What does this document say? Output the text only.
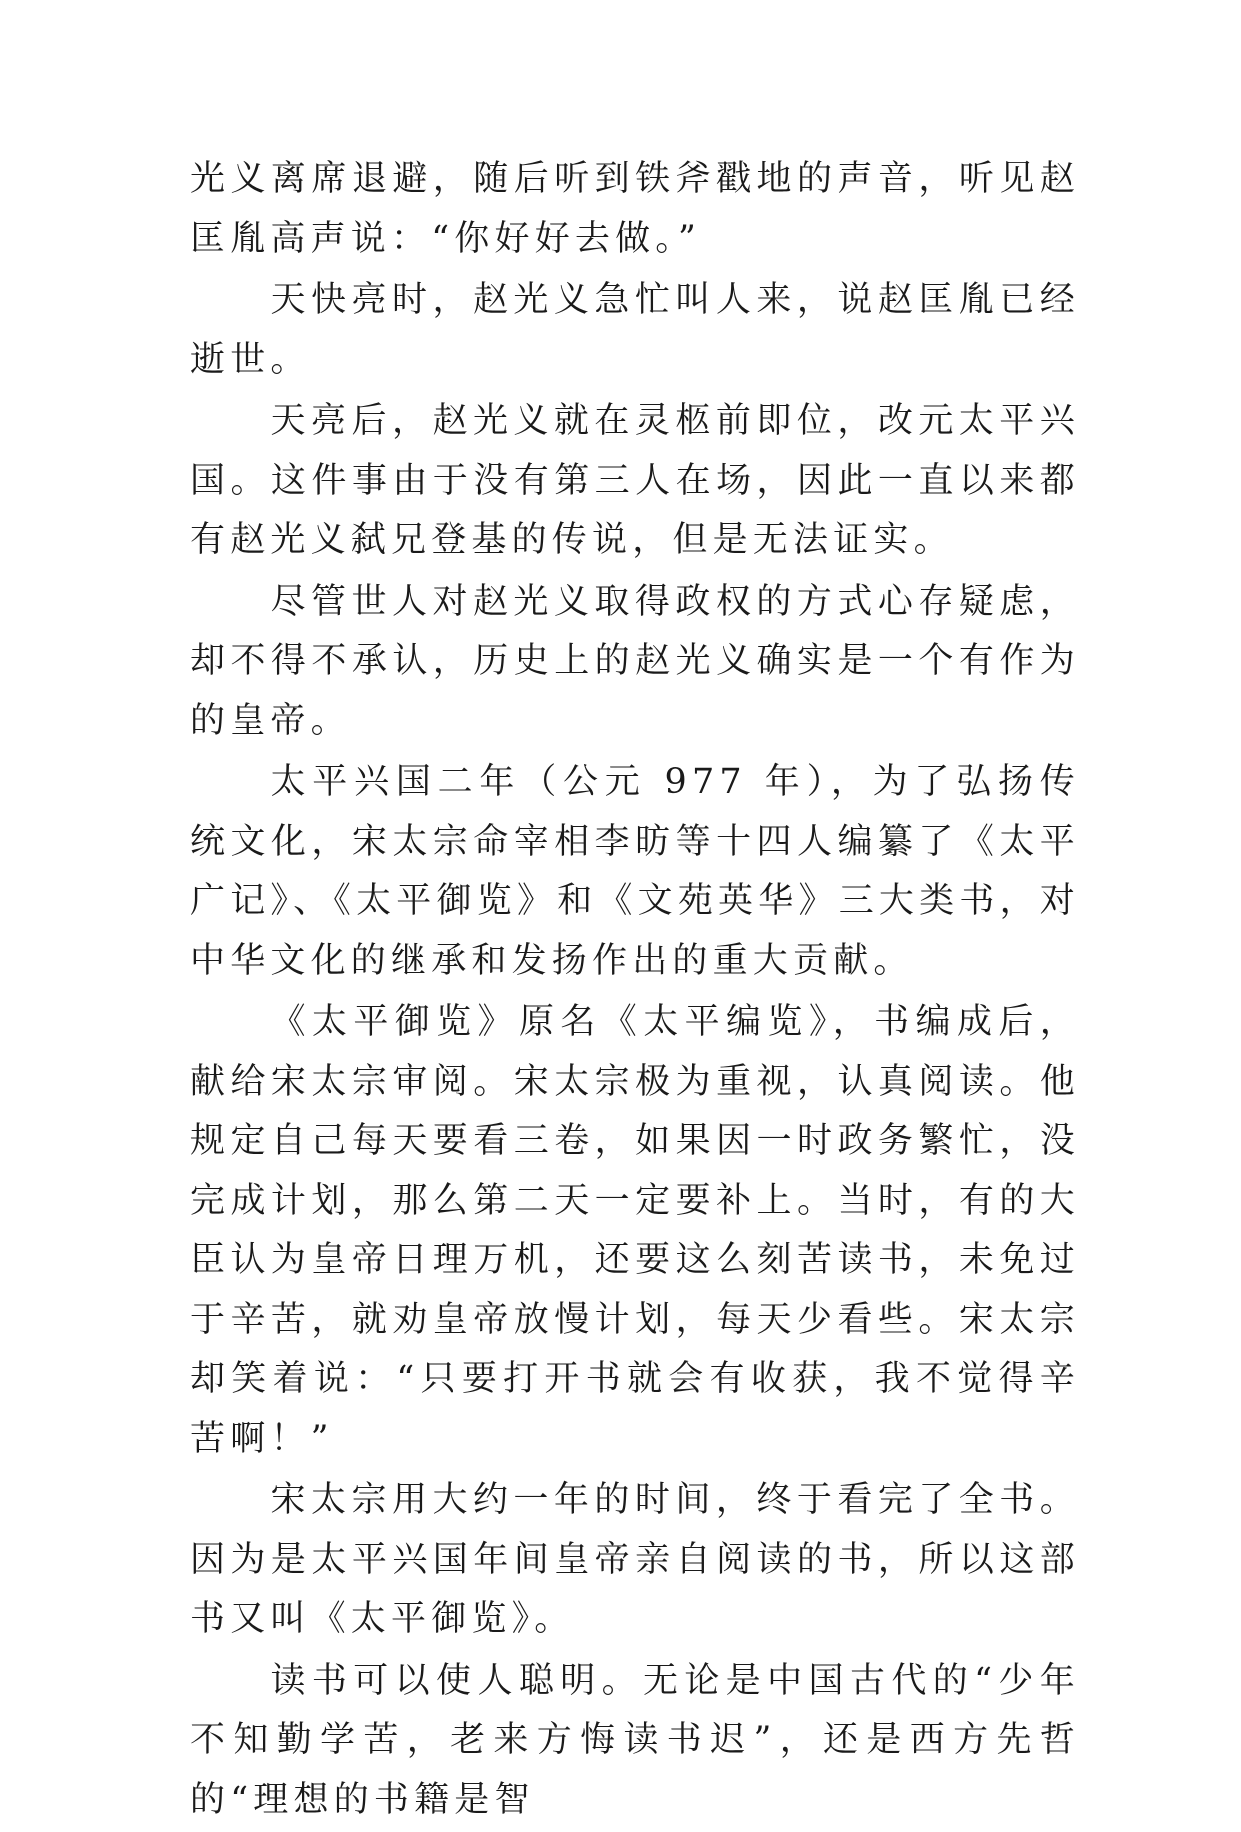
光义离席退避，随后听到铁斧戳地的声音，听见赵匡胤高声说：“你好好去做。”

天快亮时，赵光义急忙叫人来，说赵匡胤已经逝世。

天亮后，赵光义就在灵柩前即位，改元太平兴国。这件事由于没有第三人在场，因此一直以来都有赵光义弑兄登基的传说，但是无法证实。

尽管世人对赵光义取得政权的方式心存疑虑，却不得不承认，历史上的赵光义确实是一个有作为的皇帝。

太平兴国二年（公元 977 年），为了弘扬传统文化，宋太宗命宰相李昉等十四人编纂了《太平广记》、《太平御览》和《文苑英华》三大类书，对中华文化的继承和发扬作出的重大贡献。

《太平御览》原名《太平编览》，书编成后，献给宋太宗审阅。宋太宗极为重视，认真阅读。他规定自己每天要看三卷，如果因一时政务繁忙，没完成计划，那么第二天一定要补上。当时，有的大臣认为皇帝日理万机，还要这么刻苦读书，未免过于辛苦，就劝皇帝放慢计划，每天少看些。宋太宗却笑着说：“只要打开书就会有收获，我不觉得辛苦啊！”

宋太宗用大约一年的时间，终于看完了全书。因为是太平兴国年间皇帝亲自阅读的书，所以这部书又叫《太平御览》。

读书可以使人聪明。无论是中国古代的“少年不知勤学苦，老来方悔读书迟”，还是西方先哲的“理想的书籍是智
